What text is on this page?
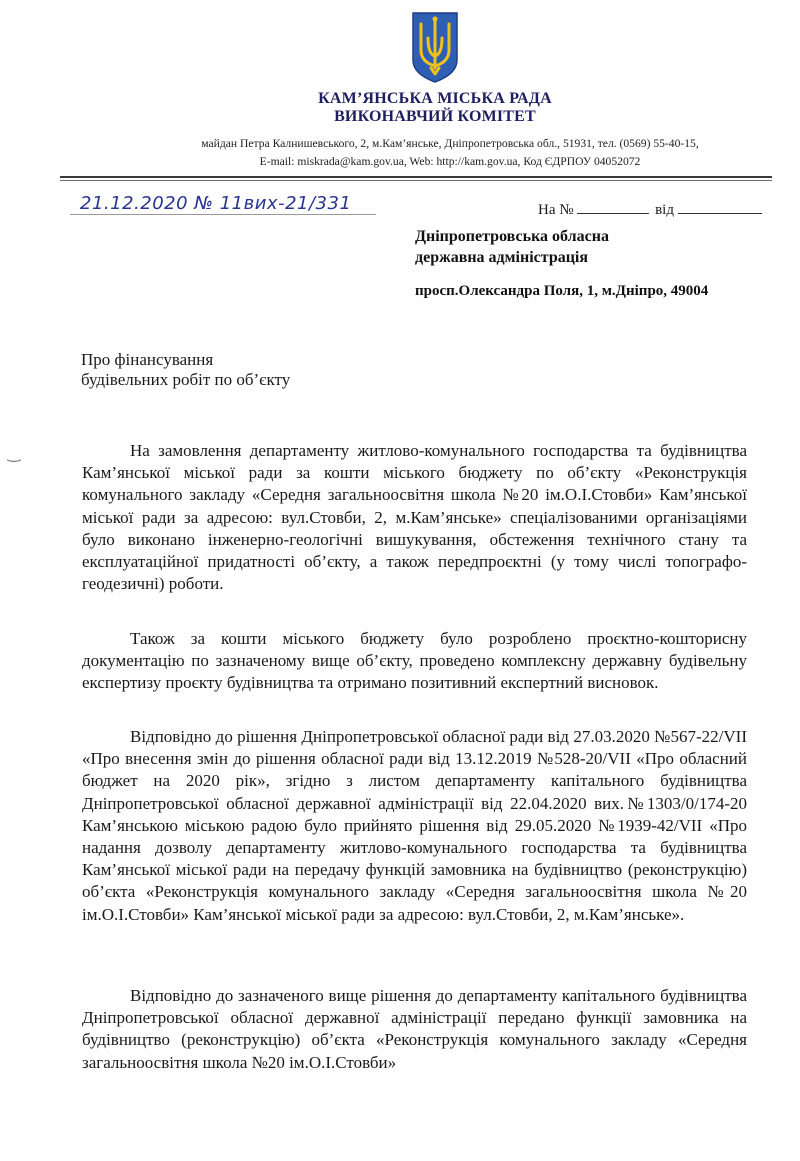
КАМ’ЯНСЬКА МІСЬКА РАДА
ВИКОНАВЧИЙ КОМІТЕТ
майдан Петра Калнишевського, 2, м.Кам’янське, Дніпропетровська обл., 51931, тел. (0569) 55-40-15,
E-mail: miskrada@kam.gov.ua, Web: http://kam.gov.ua, Код ЄДРПОУ 04052072
21.12.2020 № 11вих-21/331	На №	від
Дніпропетровська обласна
державна адміністрація
просп.Олександра Поля, 1, м.Дніпро, 49004
Про фінансування
будівельних робіт по об’єкту

На замовлення департаменту житлово-комунального господарства та будівництва Кам’янської міської ради за кошти міського бюджету по об’єкту «Реконструкція комунального закладу «Середня загальноосвітня школа №20 ім.О.І.Стовби» Кам’янської міської ради за адресою: вул.Стовби, 2, м.Кам’янське» спеціалізованими організаціями було виконано інженерно-геологічні вишукування, обстеження технічного стану та експлуатаційної придатності об’єкту, а також передпроєктні (у тому числі топографо-геодезичні) роботи.

Також за кошти міського бюджету було розроблено проєктно-кошторисну документацію по зазначеному вище об’єкту, проведено комплексну державну будівельну експертизу проєкту будівництва та отримано позитивний експертний висновок.

Відповідно до рішення Дніпропетровської обласної ради від 27.03.2020 №567-22/VII «Про внесення змін до рішення обласної ради від 13.12.2019 №528-20/VII «Про обласний бюджет на 2020 рік», згідно з листом департаменту капітального будівництва Дніпропетровської обласної державної адміністрації від 22.04.2020 вих.№1303/0/174-20 Кам’янською міською радою було прийнято рішення від 29.05.2020 №1939-42/VII «Про надання дозволу департаменту житлово-комунального господарства та будівництва Кам’янської міської ради на передачу функцій замовника на будівництво (реконструкцію) об’єкта «Реконструкція комунального закладу «Середня загальноосвітня школа №20 ім.О.І.Стовби» Кам’янської міської ради за адресою: вул.Стовби, 2, м.Кам’янське».

Відповідно до зазначеного вище рішення до департаменту капітального будівництва Дніпропетровської обласної державної адміністрації передано функції замовника на будівництво (реконструкцію) об’єкта «Реконструкція комунального закладу «Середня загальноосвітня школа №20 ім.О.І.Стовби»
